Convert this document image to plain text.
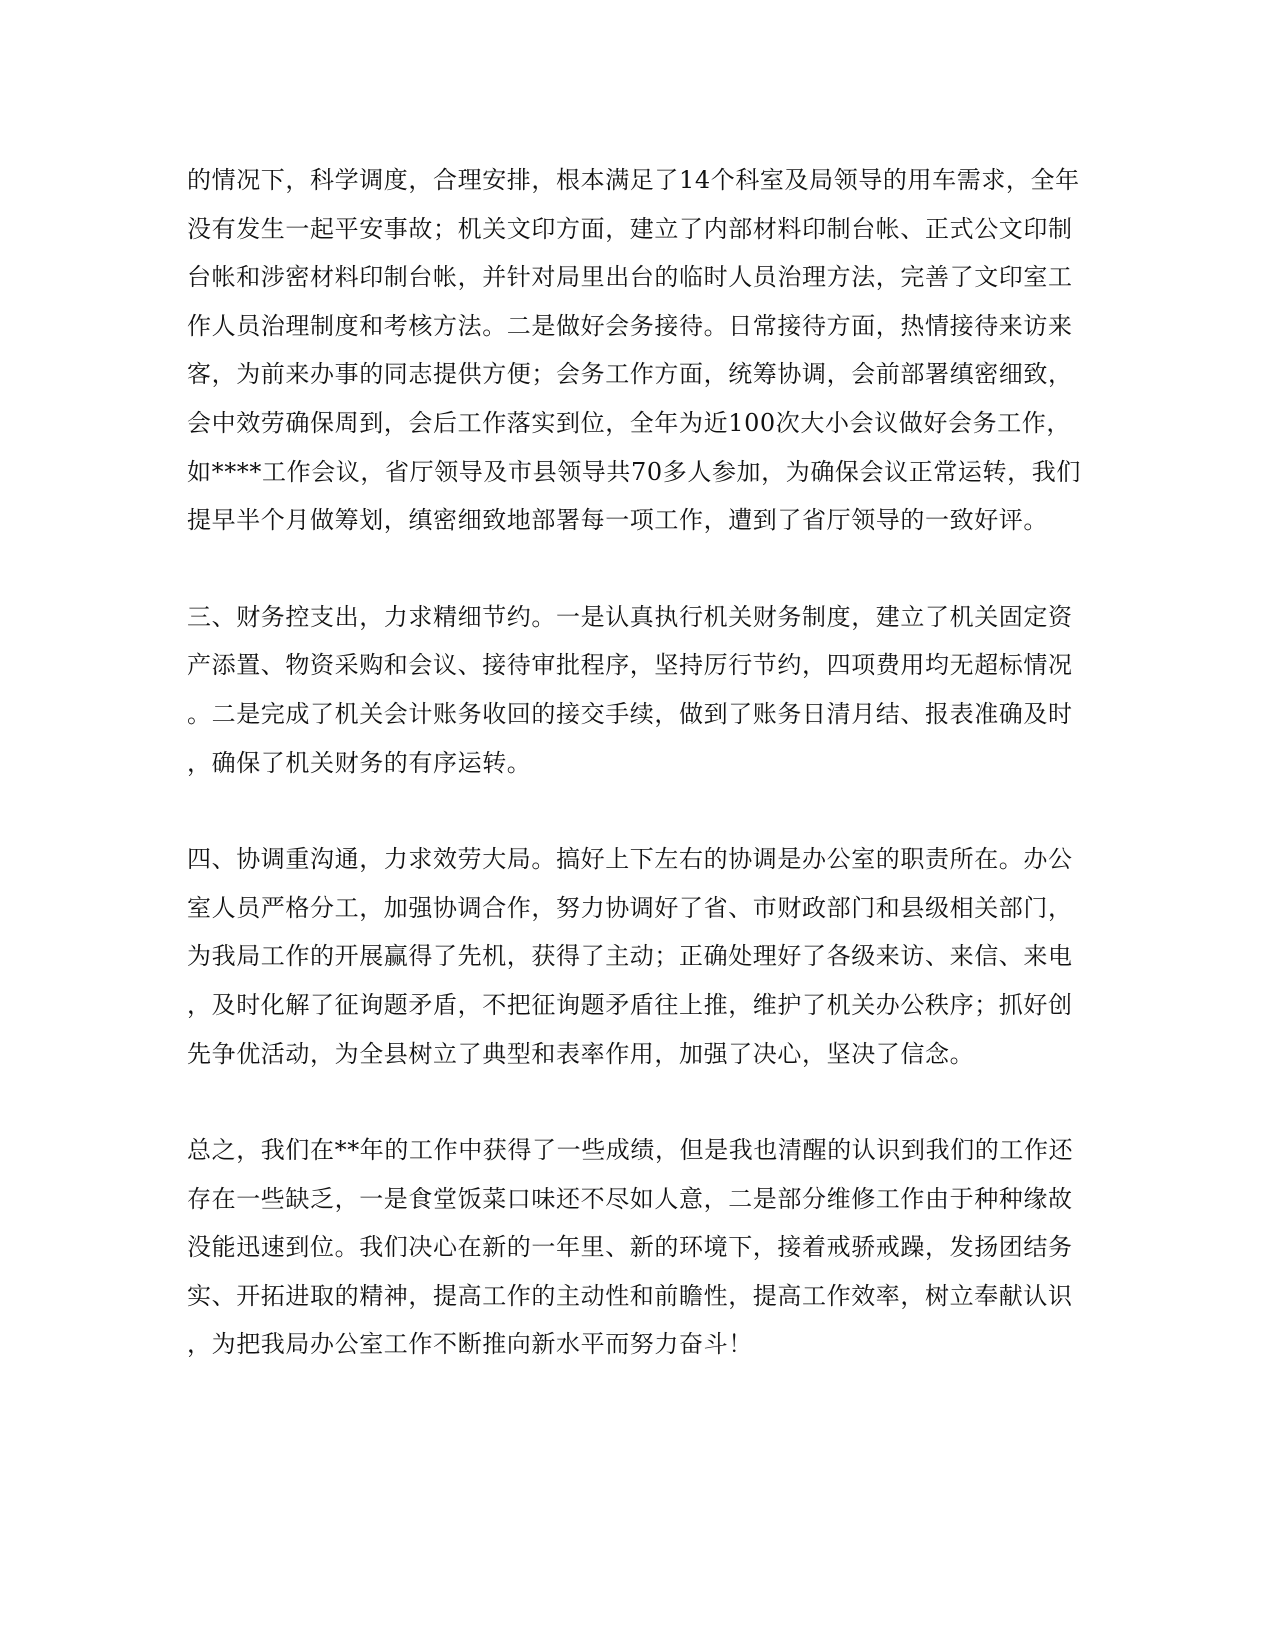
的情况下，科学调度，合理安排，根本满足了14个科室及局领导的用车需求，全年
没有发生一起平安事故；机关文印方面，建立了内部材料印制台帐、正式公文印制
台帐和涉密材料印制台帐，并针对局里出台的临时人员治理方法，完善了文印室工
作人员治理制度和考核方法。二是做好会务接待。日常接待方面，热情接待来访来
客，为前来办事的同志提供方便；会务工作方面，统筹协调，会前部署缜密细致，
会中效劳确保周到，会后工作落实到位，全年为近100次大小会议做好会务工作，
如****工作会议，省厅领导及市县领导共70多人参加，为确保会议正常运转，我们
提早半个月做筹划，缜密细致地部署每一项工作，遭到了省厅领导的一致好评。
三、财务控支出，力求精细节约。一是认真执行机关财务制度，建立了机关固定资
产添置、物资采购和会议、接待审批程序，坚持厉行节约，四项费用均无超标情况
。二是完成了机关会计账务收回的接交手续，做到了账务日清月结、报表准确及时
，确保了机关财务的有序运转。
四、协调重沟通，力求效劳大局。搞好上下左右的协调是办公室的职责所在。办公
室人员严格分工，加强协调合作，努力协调好了省、市财政部门和县级相关部门，
为我局工作的开展赢得了先机，获得了主动；正确处理好了各级来访、来信、来电
，及时化解了征询题矛盾，不把征询题矛盾往上推，维护了机关办公秩序；抓好创
先争优活动，为全县树立了典型和表率作用，加强了决心，坚决了信念。
总之，我们在**年的工作中获得了一些成绩，但是我也清醒的认识到我们的工作还
存在一些缺乏，一是食堂饭菜口味还不尽如人意，二是部分维修工作由于种种缘故
没能迅速到位。我们决心在新的一年里、新的环境下，接着戒骄戒躁，发扬团结务
实、开拓进取的精神，提高工作的主动性和前瞻性，提高工作效率，树立奉献认识
，为把我局办公室工作不断推向新水平而努力奋斗！
